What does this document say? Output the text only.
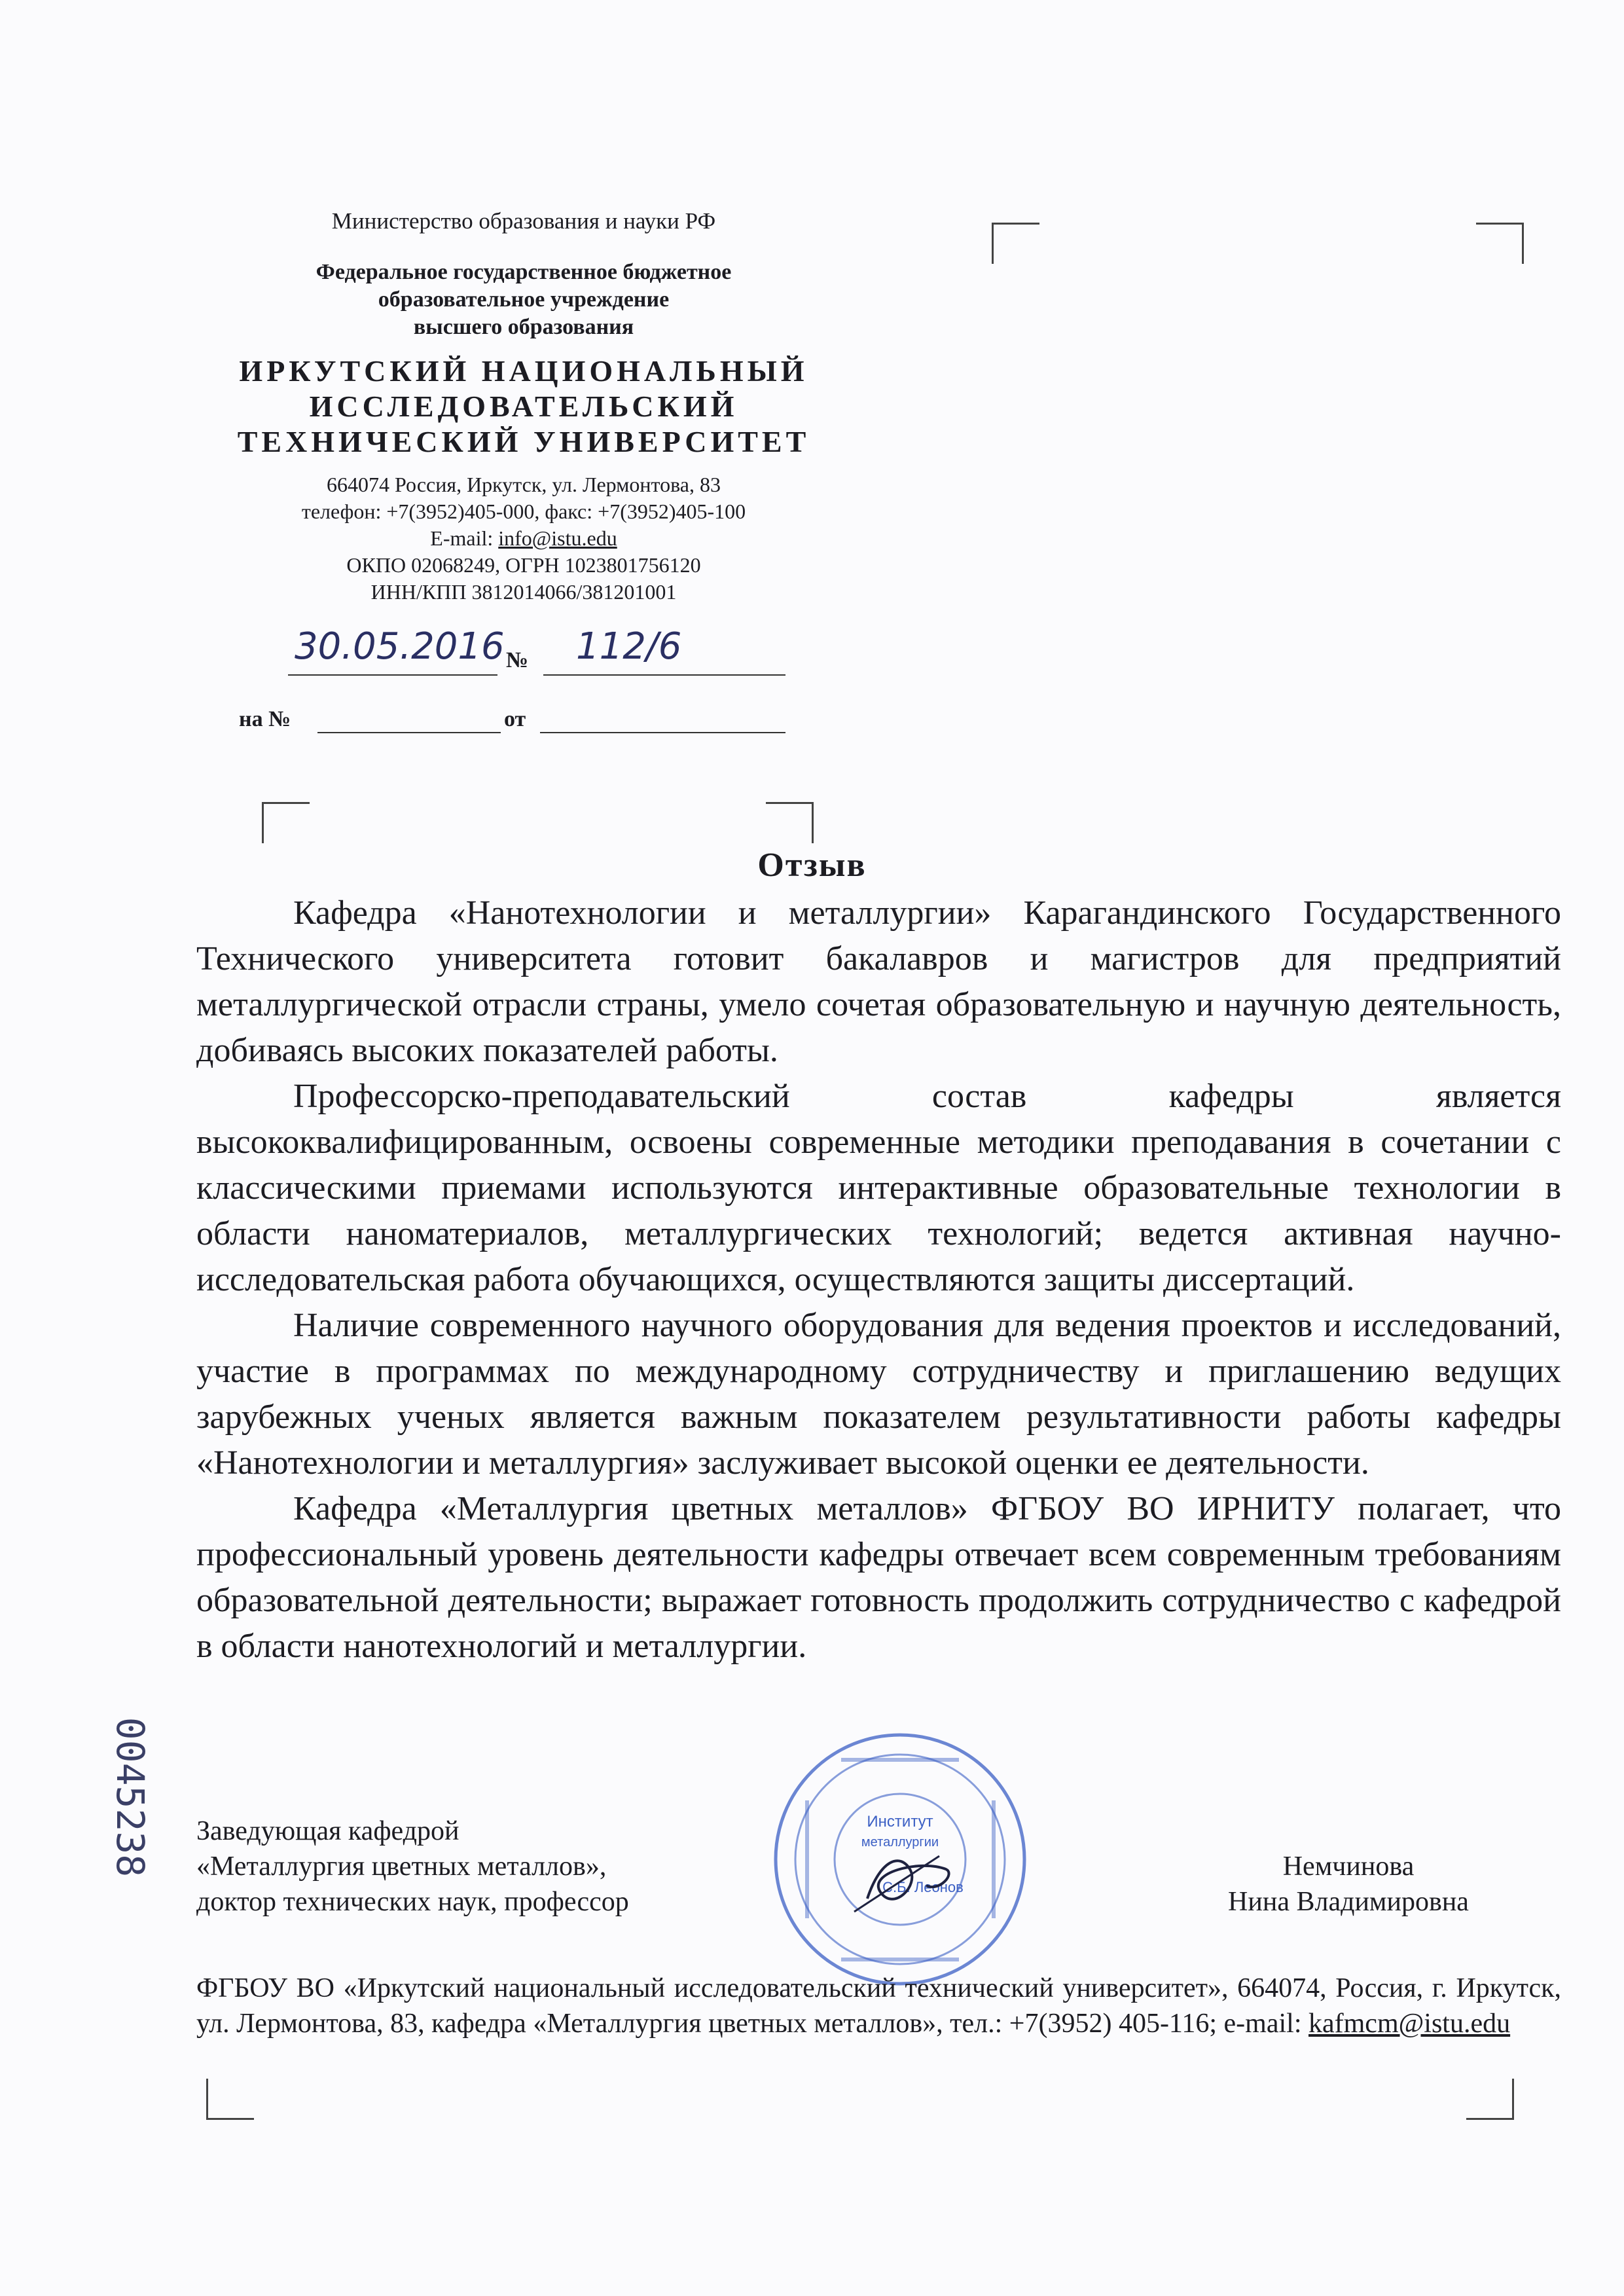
Министерство образования и науки РФ
Федеральное государственное бюджетное
образовательное учреждение
высшего образования
ИРКУТСКИЙ НАЦИОНАЛЬНЫЙ
ИССЛЕДОВАТЕЛЬСКИЙ
ТЕХНИЧЕСКИЙ УНИВЕРСИТЕТ
664074 Россия, Иркутск, ул. Лермонтова, 83
телефон: +7(3952)405-000, факс: +7(3952)405-100
E-mail: info@istu.edu
ОКПО 02068249, ОГРН 1023801756120
ИНН/КПП 3812014066/381201001
30.05.2016 № 112/6
на №	от
Отзыв

Кафедра «Нанотехнологии и металлургии» Карагандинского Государственного Технического университета готовит бакалавров и магистров для предприятий металлургической отрасли страны, умело сочетая образовательную и научную деятельность, добиваясь высоких показателей работы.

Профессорско-преподавательский состав кафедры является высококвалифицированным, освоены современные методики преподавания в сочетании с классическими приемами используются интерактивные образовательные технологии в области наноматериалов, металлургических технологий; ведется активная научно-исследовательская работа обучающихся, осуществляются защиты диссертаций.

Наличие современного научного оборудования для ведения проектов и исследований, участие в программах по международному сотрудничеству и приглашению ведущих зарубежных ученых является важным показателем результативности работы кафедры «Нанотехнологии и металлургия» заслуживает высокой оценки ее деятельности.

Кафедра «Металлургия цветных металлов» ФГБОУ ВО ИРНИТУ полагает, что профессиональный уровень деятельности кафедры отвечает всем современным требованиям образовательной деятельности; выражает готовность продолжить сотрудничество с кафедрой в области нанотехнологий и металлургии.

Заведующая кафедрой
«Металлургия цветных металлов»,
доктор технических наук, профессор
Немчинова
Нина Владимировна
Институт
металлургии
С.Б. Леонов
ФГБОУ ВО «Иркутский национальный исследовательский технический университет», 664074, Россия, г. Иркутск, ул. Лермонтова, 83, кафедра «Металлургия цветных металлов», тел.: +7(3952) 405-116; e-mail: kafmcm@istu.edu
0045238
